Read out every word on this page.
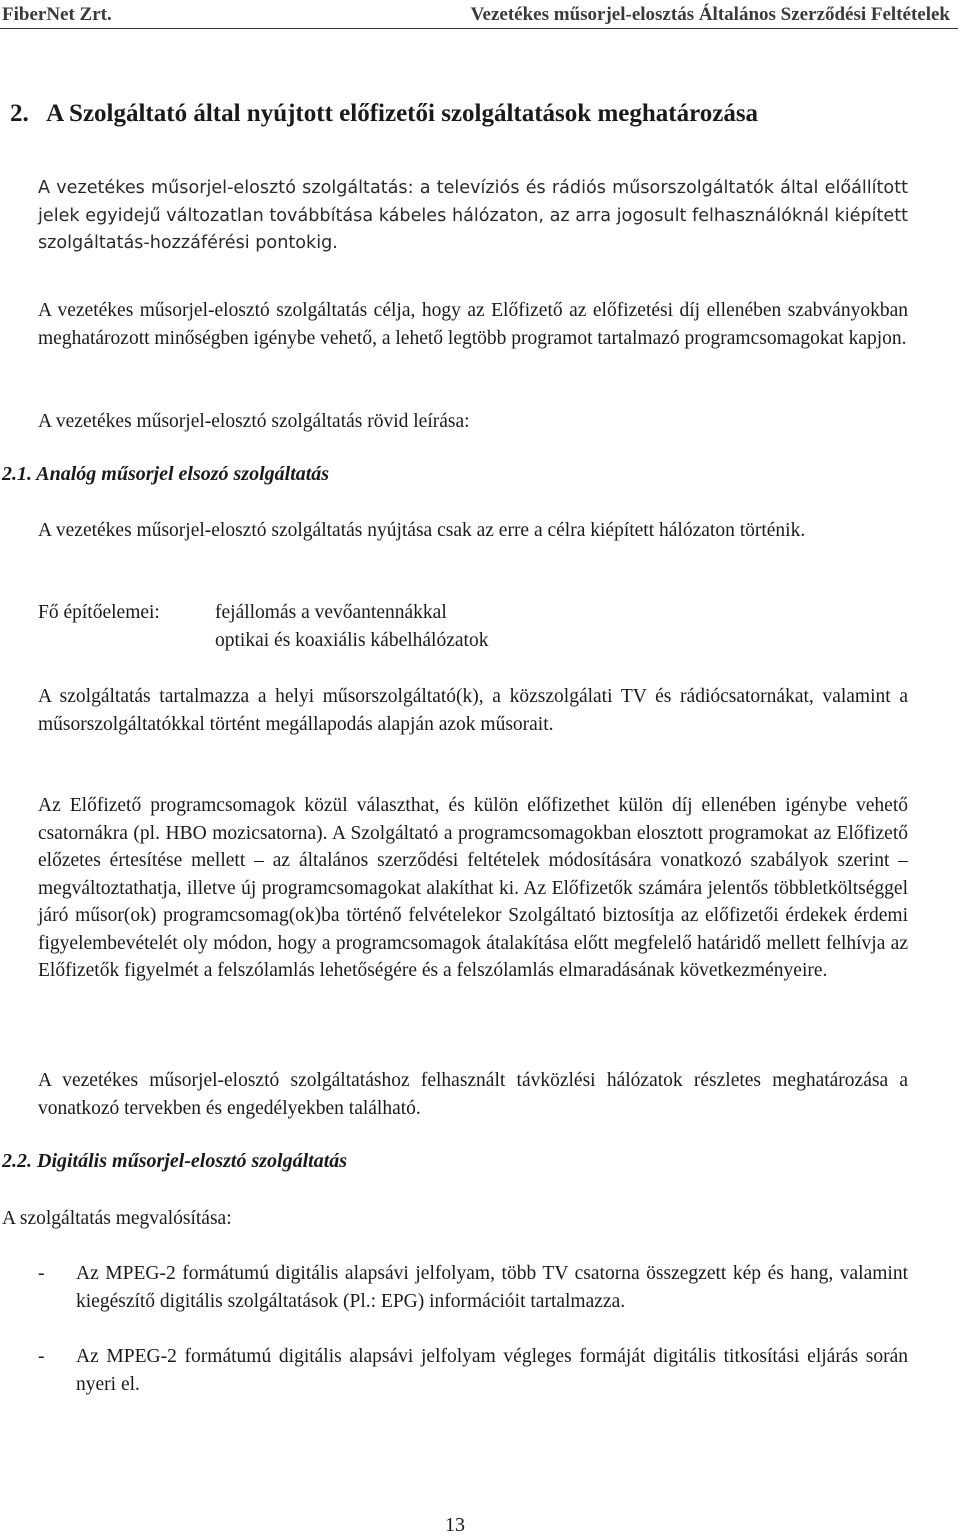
FiberNet Zrt.	Vezetékes műsorjel-elosztás Általános Szerződési Feltételek
2.   A Szolgáltató által nyújtott előfizetői szolgáltatások meghatározása

A vezetékes műsorjel-elosztó szolgáltatás: a televíziós és rádiós műsorszolgáltatók által előállított jelek egyidejű változatlan továbbítása kábeles hálózaton, az arra jogosult felhasználóknál kiépített szolgáltatás-hozzáférési pontokig.

A vezetékes műsorjel-elosztó szolgáltatás célja, hogy az Előfizető az előfizetési díj ellenében szabványokban meghatározott minőségben igénybe vehető, a lehető legtöbb programot tartalmazó programcsomagokat kapjon.

A vezetékes műsorjel-elosztó szolgáltatás rövid leírása:
2.1. Analóg műsorjel elsozó szolgáltatás

A vezetékes műsorjel-elosztó szolgáltatás nyújtása csak az erre a célra kiépített hálózaton történik.

Fő építőelemei:	fejállomás a vevőantennákkal
optikai és koaxiális kábelhálózatok

A szolgáltatás tartalmazza a helyi műsorszolgáltató(k), a közszolgálati TV és rádiócsatornákat, valamint a műsorszolgáltatókkal történt megállapodás alapján azok műsorait.

Az Előfizető programcsomagok közül választhat, és külön előfizethet külön díj ellenében igénybe vehető csatornákra (pl. HBO mozicsatorna). A Szolgáltató a programcsomagokban elosztott programokat az Előfizető előzetes értesítése mellett – az általános szerződési feltételek módosítására vonatkozó szabályok szerint – megváltoztathatja, illetve új programcsomagokat alakíthat ki. Az Előfizetők számára jelentős többletköltséggel járó műsor(ok) programcsomag(ok)ba történő felvételekor Szolgáltató biztosítja az előfizetői érdekek érdemi figyelembevételét oly módon, hogy a programcsomagok átalakítása előtt megfelelő határidő mellett felhívja az Előfizetők figyelmét a felszólamlás lehetőségére és a felszólamlás elmaradásának következményeire.

A vezetékes műsorjel-elosztó szolgáltatáshoz felhasznált távközlési hálózatok részletes meghatározása a vonatkozó tervekben és engedélyekben található.

2.2. Digitális műsorjel-elosztó szolgáltatás
A szolgáltatás megvalósítása:
- Az MPEG-2 formátumú digitális alapsávi jelfolyam, több TV csatorna összegzett kép és hang, valamint kiegészítő digitális szolgáltatások (Pl.: EPG) információit tartalmazza.

- Az MPEG-2 formátumú digitális alapsávi jelfolyam végleges formáját digitális titkosítási eljárás során nyeri el.

13
